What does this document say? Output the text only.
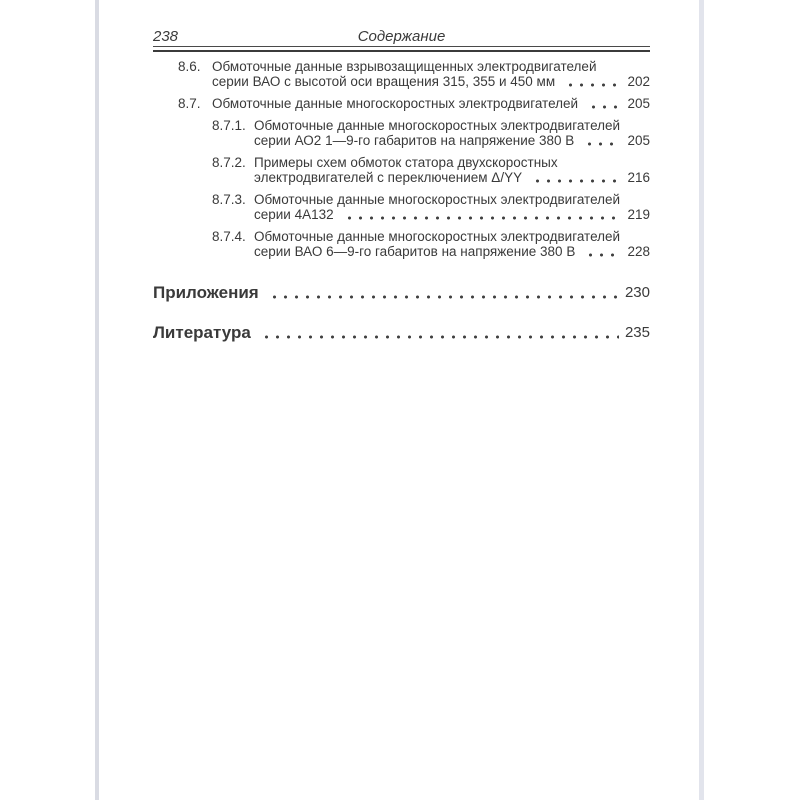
238	Содержание
8.6. Обмоточные данные взрывозащищенных электродвигателей
серии ВАО с высотой оси вращения 315, 355 и 450 мм	202
8.7. Обмоточные данные многоскоростных электродвигателей	205
8.7.1. Обмоточные данные многоскоростных электродвигателей
серии АО2 1—9-го габаритов на напряжение 380 В	205
8.7.2. Примеры схем обмоток статора двухскоростных
электродвигателей с переключением Δ/YY	216
8.7.3. Обмоточные данные многоскоростных электродвигателей
серии 4А132	219
8.7.4. Обмоточные данные многоскоростных электродвигателей
серии ВАО 6—9-го габаритов на напряжение 380 В	228
Приложения	230
Литература	235
